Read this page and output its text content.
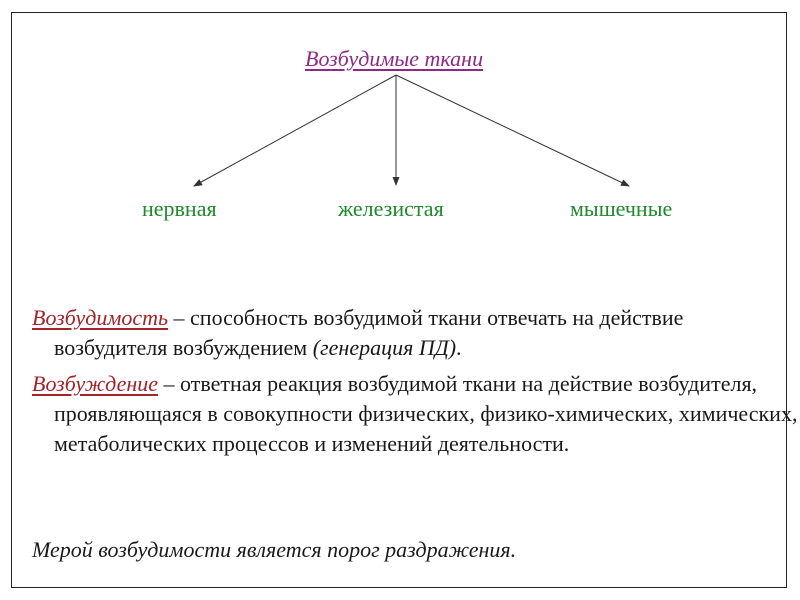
Возбудимые ткани
нервная	железистая	мышечные
Возбудимость – способность возбудимой ткани отвечать на действие возбудителя возбуждением (генерация ПД).
Возбуждение – ответная реакция возбудимой ткани на действие возбудителя, проявляющаяся в совокупности физических, физико-химических, химических, метаболических процессов и изменений деятельности.
Мерой возбудимости является порог раздражения.
